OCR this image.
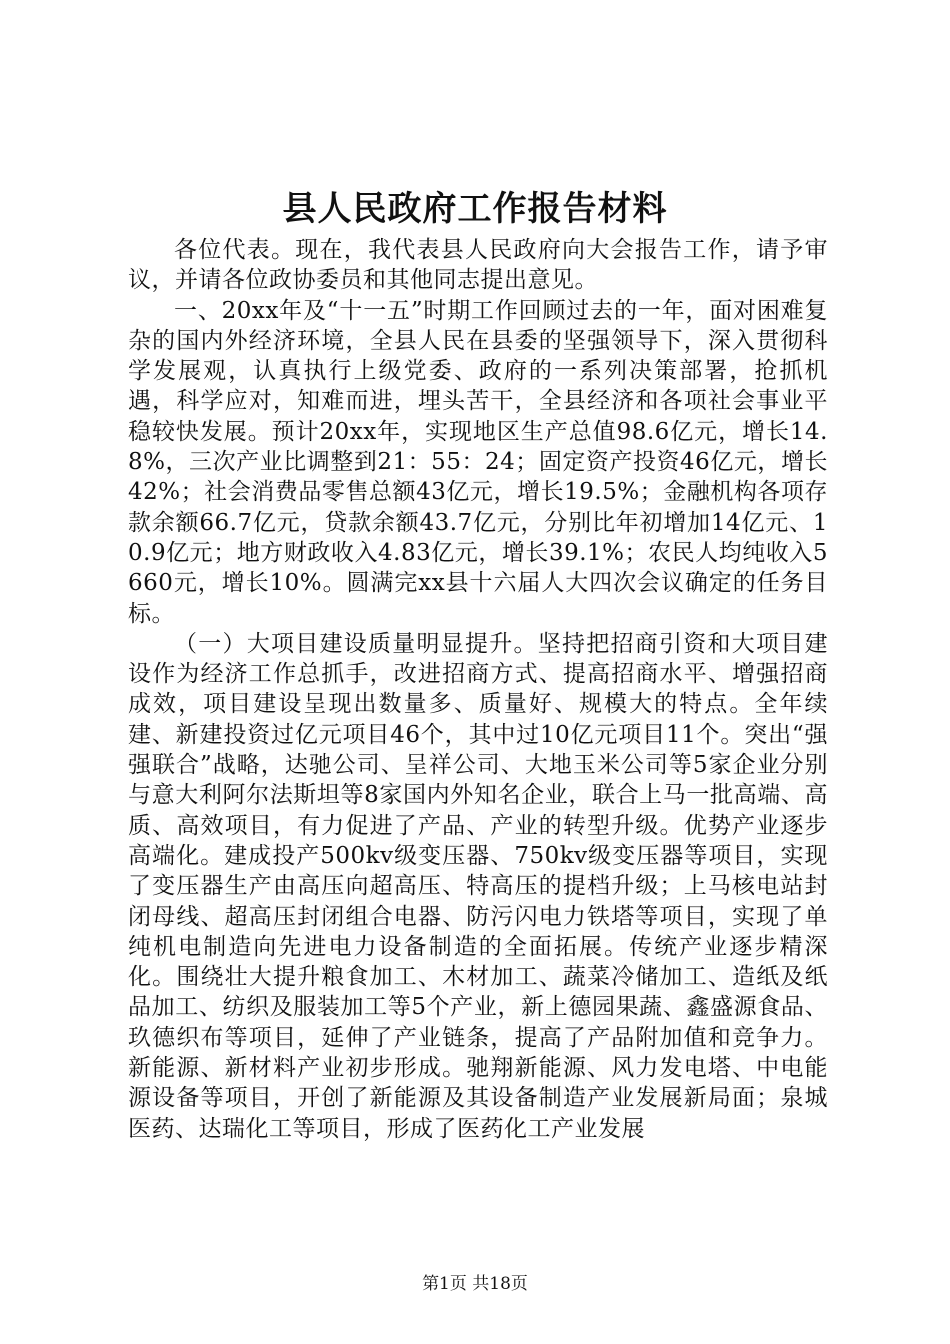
县人民政府工作报告材料

各位代表。现在，我代表县人民政府向大会报告工作，请予审议，并请各位政协委员和其他同志提出意见。

一、20xx年及“十一五”时期工作回顾过去的一年，面对困难复杂的国内外经济环境，全县人民在县委的坚强领导下，深入贯彻科学发展观，认真执行上级党委、政府的一系列决策部署，抢抓机遇，科学应对，知难而进，埋头苦干，全县经济和各项社会事业平稳较快发展。预计20xx年，实现地区生产总值98.6亿元，增长14.8%，三次产业比调整到21：55：24；固定资产投资46亿元，增长42%；社会消费品零售总额43亿元，增长19.5%；金融机构各项存款余额66.7亿元，贷款余额43.7亿元，分别比年初增加14亿元、10.9亿元；地方财政收入4.83亿元，增长39.1%；农民人均纯收入5660元，增长10%。圆满完xx县十六届人大四次会议确定的任务目标。

（一）大项目建设质量明显提升。坚持把招商引资和大项目建设作为经济工作总抓手，改进招商方式、提高招商水平、增强招商成效，项目建设呈现出数量多、质量好、规模大的特点。全年续建、新建投资过亿元项目46个，其中过10亿元项目11个。突出“强强联合”战略，达驰公司、呈祥公司、大地玉米公司等5家企业分别与意大利阿尔法斯坦等8家国内外知名企业，联合上马一批高端、高质、高效项目，有力促进了产品、产业的转型升级。优势产业逐步高端化。建成投产500kv级变压器、750kv级变压器等项目，实现了变压器生产由高压向超高压、特高压的提档升级；上马核电站封闭母线、超高压封闭组合电器、防污闪电力铁塔等项目，实现了单纯机电制造向先进电力设备制造的全面拓展。传统产业逐步精深化。围绕壮大提升粮食加工、木材加工、蔬菜冷储加工、造纸及纸品加工、纺织及服装加工等5个产业，新上德园果蔬、鑫盛源食品、玖德织布等项目，延伸了产业链条，提高了产品附加值和竞争力。新能源、新材料产业初步形成。驰翔新能源、风力发电塔、中电能源设备等项目，开创了新能源及其设备制造产业发展新局面；泉城医药、达瑞化工等项目，形成了医药化工产业发展

第1页 共18页
